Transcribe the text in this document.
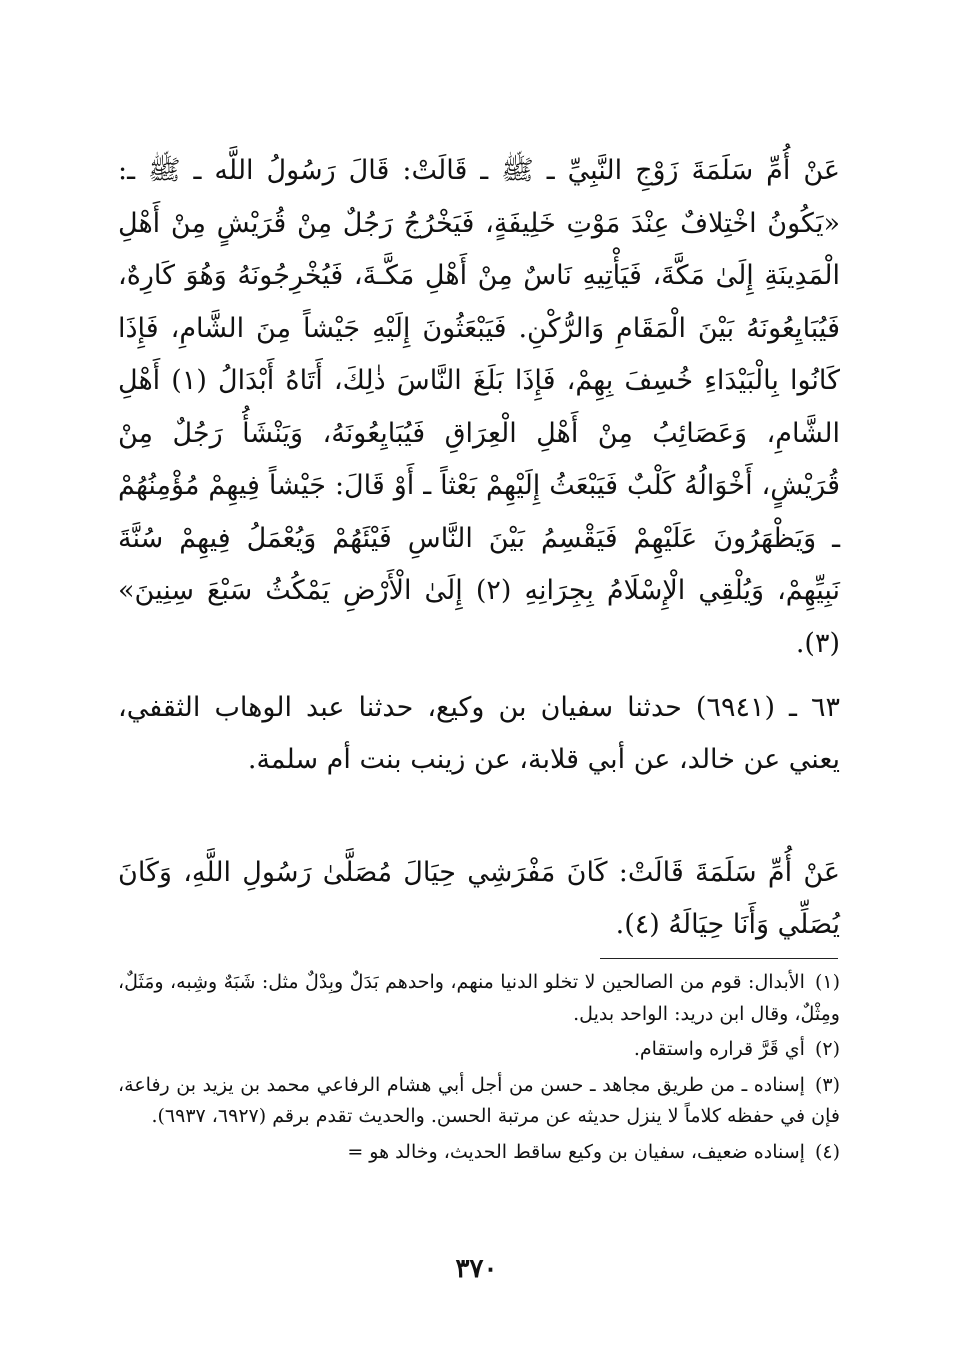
عَنْ أُمِّ سَلَمَةَ زَوْجِ النَّبِيِّ ـ ﷺ ـ قَالَتْ: قَالَ رَسُولُ اللَّه ـ ﷺ ـ: «يَكُونُ اخْتِلافٌ عِنْدَ مَوْتِ خَلِيفَةٍ، فَيَخْرُجُ رَجُلٌ مِنْ قُرَيْشٍ مِنْ أَهْلِ الْمَدِينَةِ إِلَىٰ مَكَّةَ، فَيَأْتِيهِ نَاسٌ مِنْ أَهْلِ مَكَّـةَ، فَيُخْرِجُونَهُ وَهُوَ كَارِهٌ، فَيُبَايِعُونَهُ بَيْنَ الْمَقَامِ وَالرُّكْنِ. فَيَبْعَثُونَ إِلَيْهِ جَيْشاً مِنَ الشَّامِ، فَإِذَا كَانُوا بِالْبَيْدَاءِ خُسِفَ بِهِمْ، فَإِذَا بَلَغَ النَّاسَ ذٰلِكَ، أَتَاهُ أَبْدَالُ (١) أَهْلِ الشَّامِ، وَعَصَائِبُ مِنْ أَهْلِ الْعِرَاقِ فَيُبَايِعُونَهُ، وَيَنْشَأُ رَجُلٌ مِنْ قُرَيْشٍ، أَخْوَالُهُ كَلْبٌ فَيَبْعَثُ إِلَيْهِمْ بَعْثاً ـ أَوْ قَالَ: جَيْشاً فِيهِمْ مُؤْمِنُهُمْ ـ وَيَظْهَرُونَ عَلَيْهِمْ فَيَقْسِمُ بَيْنَ النَّاسِ فَيْئَهُمْ وَيُعْمَلُ فِيهِمْ سُنَّةَ نَبِيِّهِمْ، وَيُلْقِي الْإِسْلَامُ بِجِرَانِهِ (٢) إِلَىٰ الْأَرْضِ يَمْكُثُ سَبْعَ سِنِينَ» (٣).

٦٣ ـ (٦٩٤١) حدثنا سفيان بن وكيع، حدثنا عبد الوهاب الثقفي، يعني عن خالد، عن أبي قلابة، عن زينب بنت أم سلمة.

عَنْ أُمِّ سَلَمَةَ قَالَتْ: كَانَ مَفْرَشِي حِيَالَ مُصَلَّىٰ رَسُولِ اللَّهِ، وَكَانَ يُصَلِّي وَأَنَا حِيَالَهُ (٤).

(١)الأبدال: قوم من الصالحين لا تخلو الدنيا منهم، واحدهم بَدَلٌ وبِدْلٌ مثل: شَبَهٌ وشِبه، ومَثَلٌ، ومِثْلٌ، وقال ابن دريد: الواحد بديل.

(٢)أي قَرَّ قراره واستقام.

(٣)إسناده ـ من طريق مجاهد ـ حسن من أجل أبي هشام الرفاعي محمد بن يزيد بن رفاعة، فإن في حفظه كلاماً لا ينزل حديثه عن مرتبة الحسن. والحديث تقدم برقم (٦٩٢٧، ٦٩٣٧).

(٤)إسناده ضعيف، سفيان بن وكيع ساقط الحديث، وخالد هو =

٣٧٠
